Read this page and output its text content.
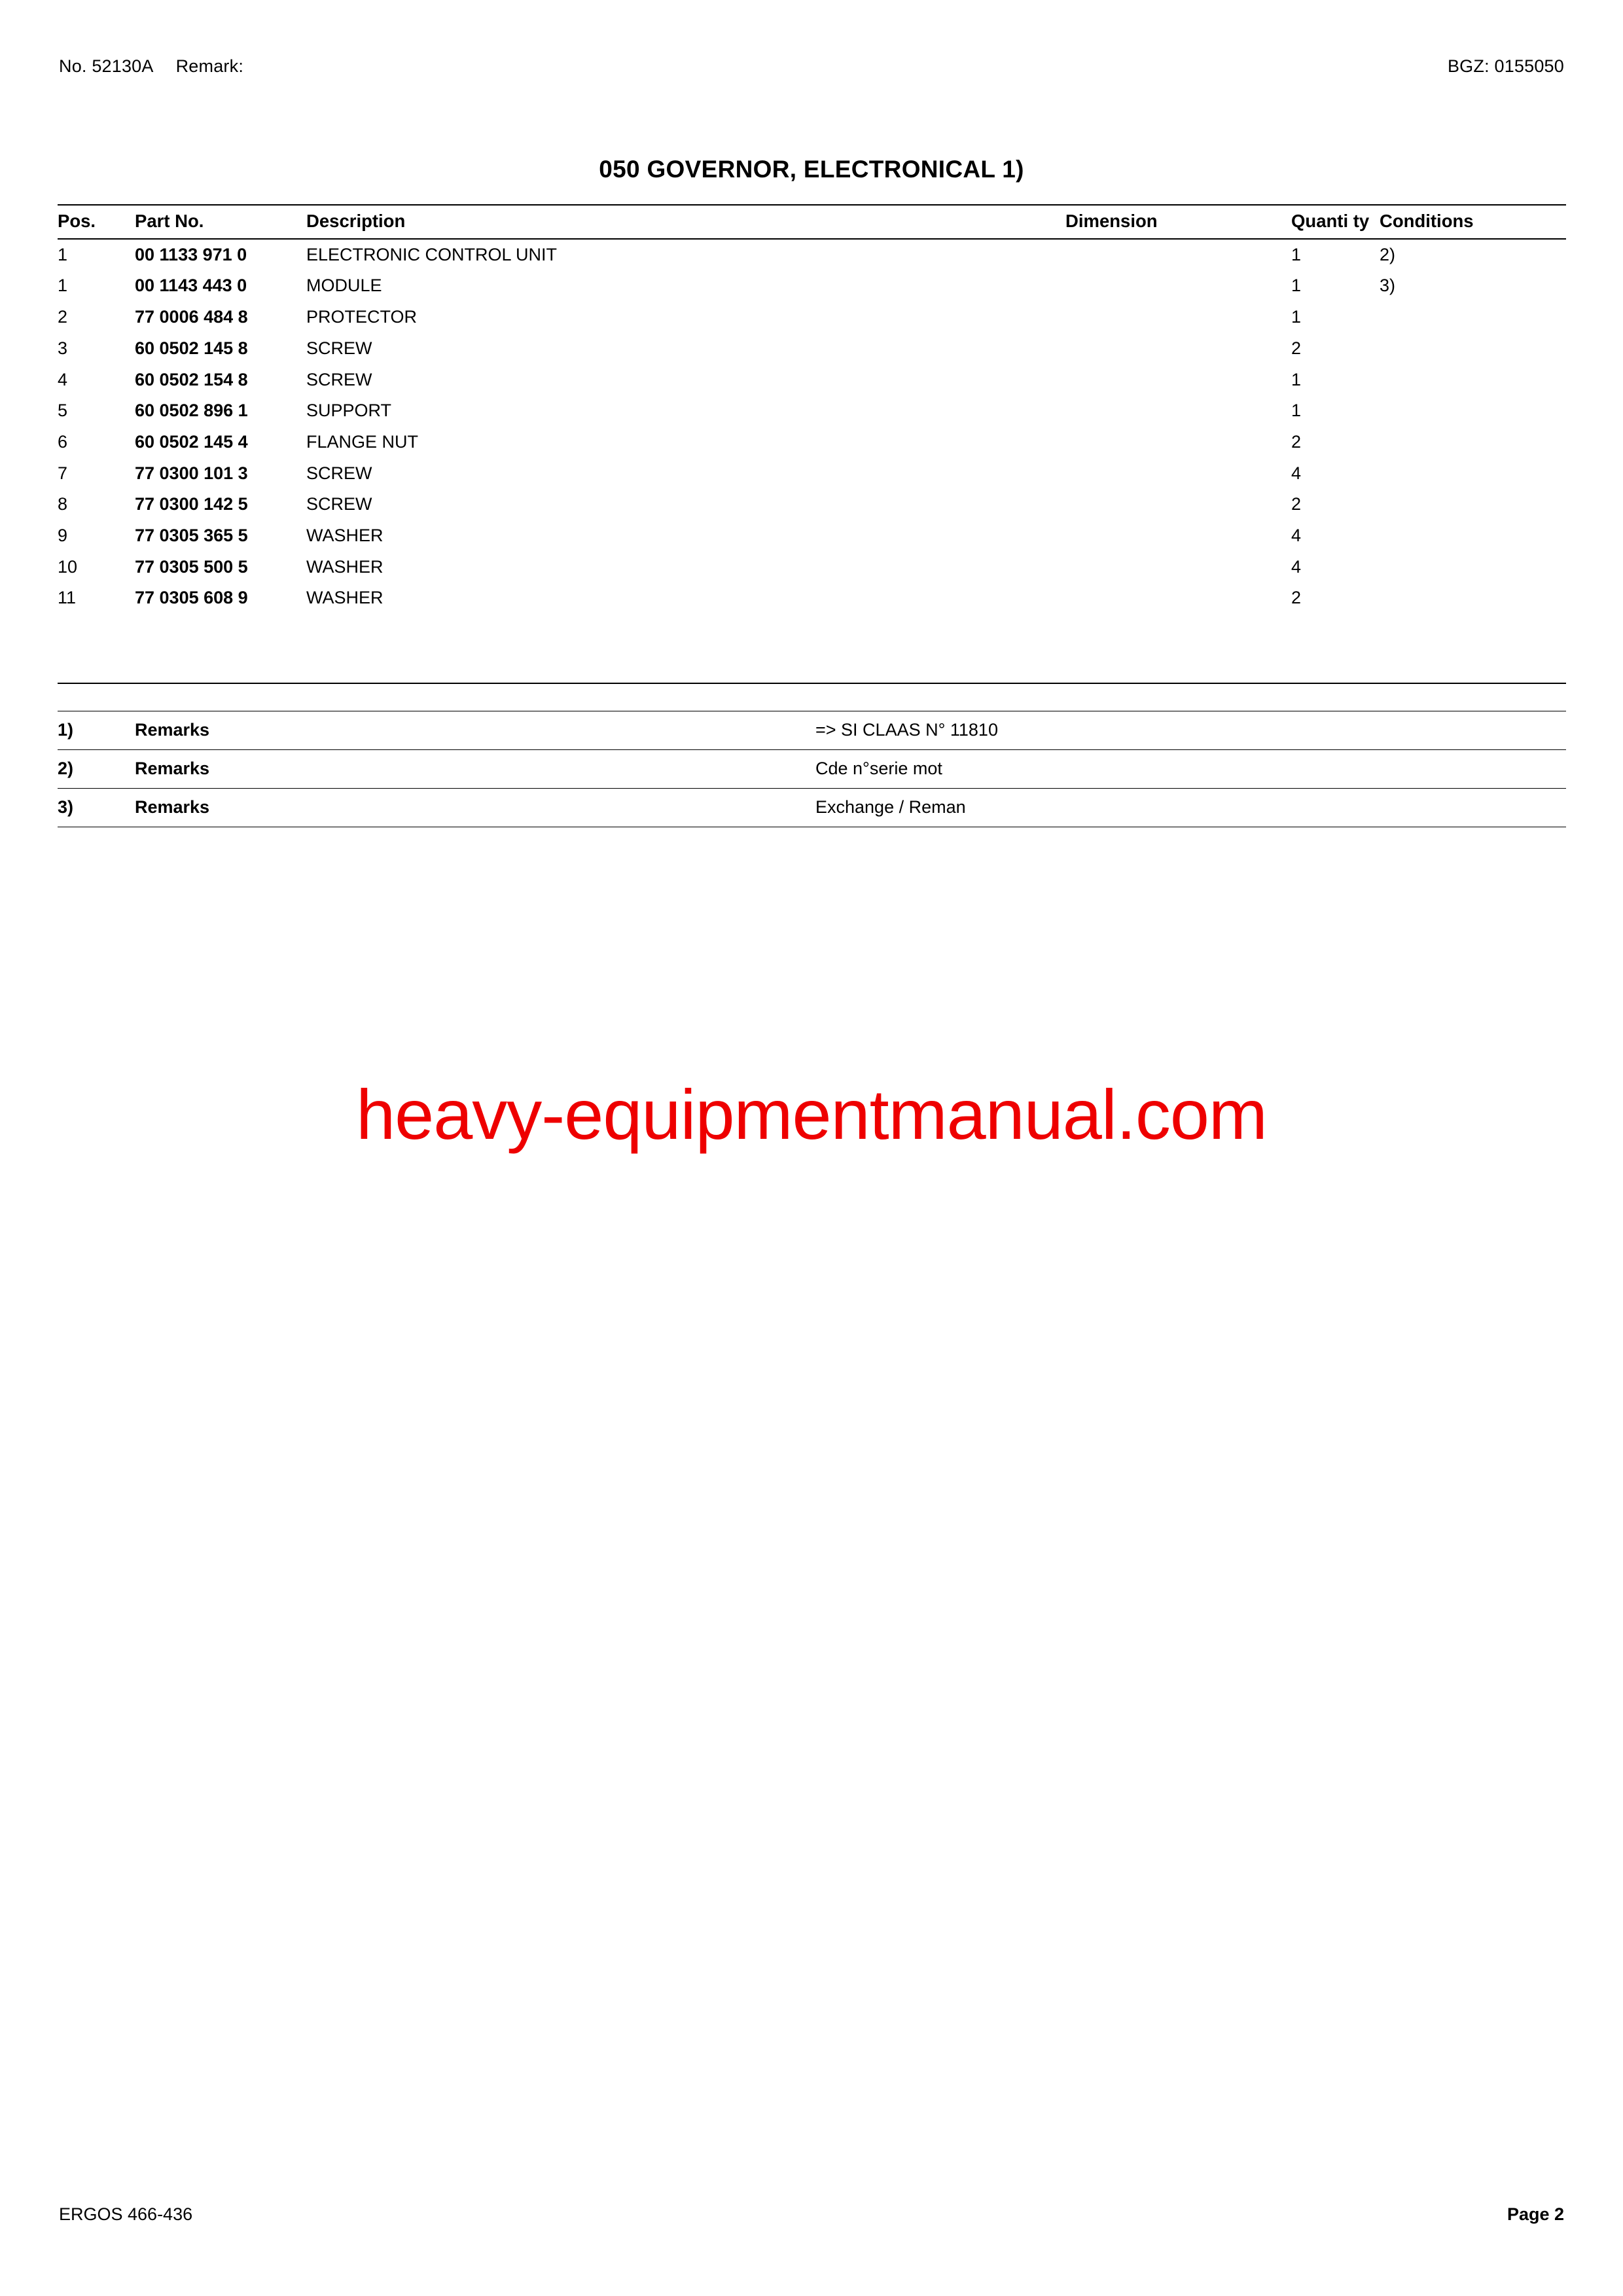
No. 52130A Remark:	BGZ: 0155050
050 GOVERNOR, ELECTRONICAL 1)
Pos.	Part No.	Description	Dimension	Quanti ty	Conditions
1	00 1133 971 0	ELECTRONIC CONTROL UNIT		1	2)
1	00 1143 443 0	MODULE		1	3)
2	77 0006 484 8	PROTECTOR		1	
3	60 0502 145 8	SCREW		2	
4	60 0502 154 8	SCREW		1	
5	60 0502 896 1	SUPPORT		1	
6	60 0502 145 4	FLANGE NUT		2	
7	77 0300 101 3	SCREW		4	
8	77 0300 142 5	SCREW		2	
9	77 0305 365 5	WASHER		4	
10	77 0305 500 5	WASHER		4	
11	77 0305 608 9	WASHER		2	
1)	Remarks	=> SI CLAAS N° 11810
2)	Remarks	Cde n°serie mot
3)	Remarks	Exchange / Reman
heavy-equipmentmanual.com
ERGOS 466-436	Page 2
